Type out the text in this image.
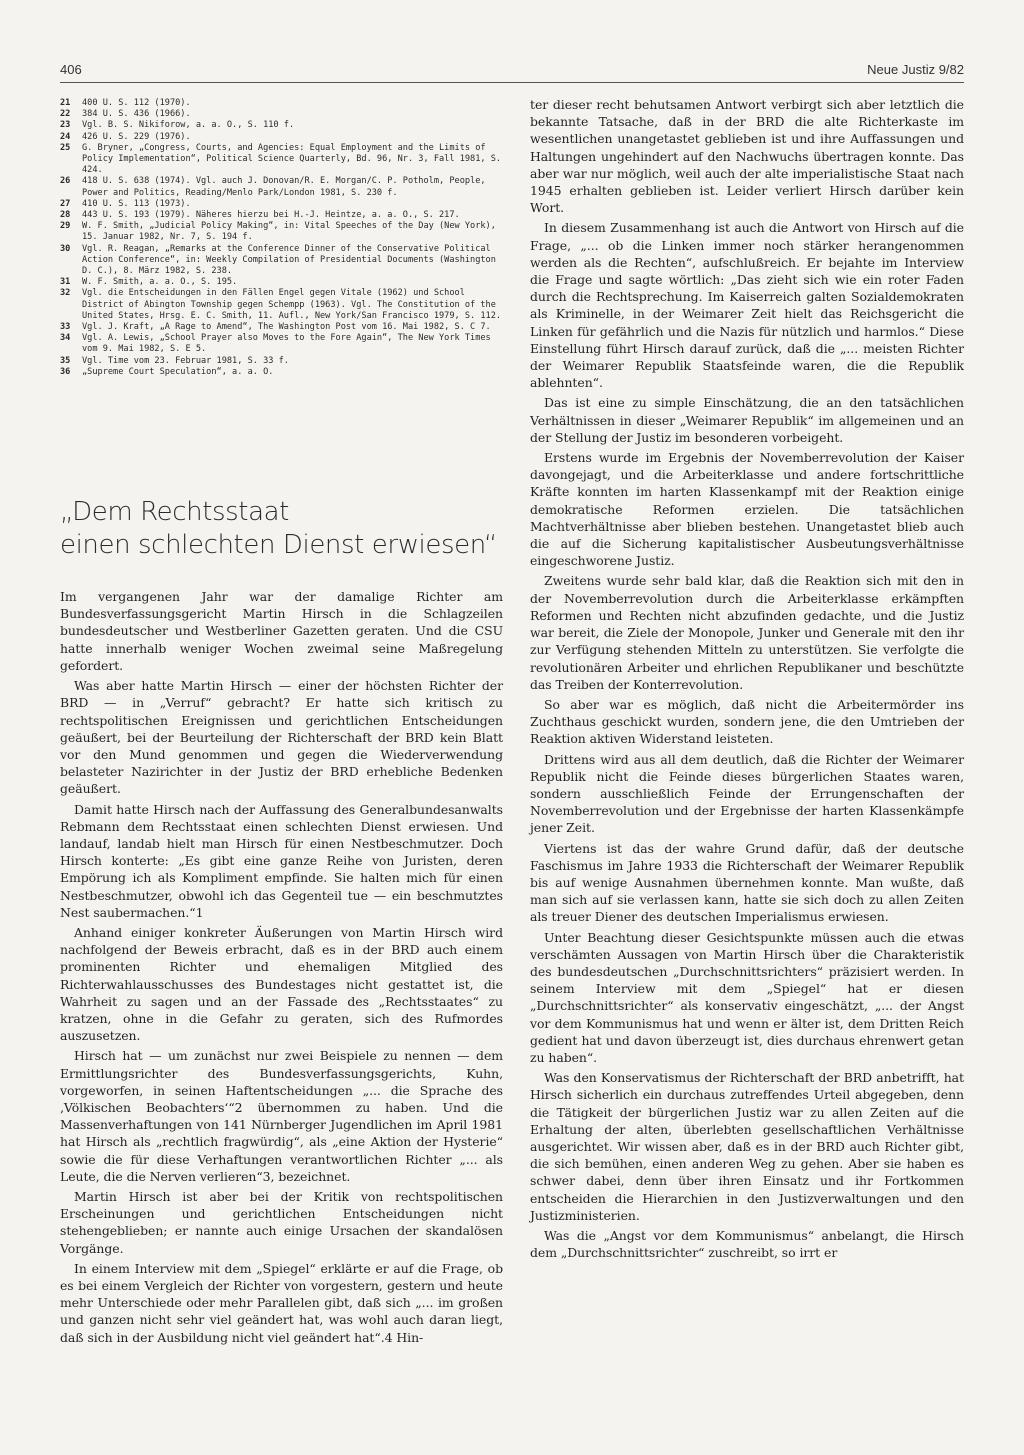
406	Neue Justiz 9/82
21	400 U. S. 112 (1970).
22	384 U. S. 436 (1966).
23	Vgl. B. S. Nikiforow, a. a. O., S. 110 f.
24	426 U. S. 229 (1976).
25	G. Bryner, „Congress, Courts, and Agencies: Equal Employment and the Limits of Policy Implementation“, Political Science Quarterly, Bd. 96, Nr. 3, Fall 1981, S. 424.
26	418 U. S. 638 (1974). Vgl. auch J. Donovan/R. E. Morgan/C. P. Potholm, People, Power and Politics, Reading/Menlo Park/London 1981, S. 230 f.
27	410 U. S. 113 (1973).
28	443 U. S. 193 (1979). Näheres hierzu bei H.-J. Heintze, a. a. O., S. 217.
29	W. F. Smith, „Judicial Policy Making“, in: Vital Speeches of the Day (New York), 15. Januar 1982, Nr. 7, S. 194 f.
30	Vgl. R. Reagan, „Remarks at the Conference Dinner of the Conservative Political Action Conference“, in: Weekly Compilation of Presidential Documents (Washington D. C.), 8. März 1982, S. 238.
31	W. F. Smith, a. a. O., S. 195.
32	Vgl. die Entscheidungen in den Fällen Engel gegen Vitale (1962) und School District of Abington Township gegen Schempp (1963). Vgl. The Constitution of the United States, Hrsg. E. C. Smith, 11. Aufl., New York/San Francisco 1979, S. 112.
33	Vgl. J. Kraft, „A Rage to Amend“, The Washington Post vom 16. Mai 1982, S. C 7.
34	Vgl. A. Lewis, „School Prayer also Moves to the Fore Again“, The New York Times vom 9. Mai 1982, S. E 5.
35	Vgl. Time vom 23. Februar 1981, S. 33 f.
36	„Supreme Court Speculation“, a. a. O.
„Dem Rechtsstaat
einen schlechten Dienst erwiesen“

Im vergangenen Jahr war der damalige Richter am Bundesverfassungsgericht Martin Hirsch in die Schlagzeilen bundesdeutscher und Westberliner Gazetten geraten. Und die CSU hatte innerhalb weniger Wochen zweimal seine Maßregelung gefordert.

Was aber hatte Martin Hirsch — einer der höchsten Richter der BRD — in „Verruf“ gebracht? Er hatte sich kritisch zu rechtspolitischen Ereignissen und gerichtlichen Entscheidungen geäußert, bei der Beurteilung der Richterschaft der BRD kein Blatt vor den Mund genommen und gegen die Wiederverwendung belasteter Nazirichter in der Justiz der BRD erhebliche Bedenken geäußert.

Damit hatte Hirsch nach der Auffassung des Generalbundesanwalts Rebmann dem Rechtsstaat einen schlechten Dienst erwiesen. Und landauf, landab hielt man Hirsch für einen Nestbeschmutzer. Doch Hirsch konterte: „Es gibt eine ganze Reihe von Juristen, deren Empörung ich als Kompliment empfinde. Sie halten mich für einen Nestbeschmutzer, obwohl ich das Gegenteil tue — ein beschmutztes Nest saubermachen.“1

Anhand einiger konkreter Äußerungen von Martin Hirsch wird nachfolgend der Beweis erbracht, daß es in der BRD auch einem prominenten Richter und ehemaligen Mitglied des Richterwahlausschusses des Bundestages nicht gestattet ist, die Wahrheit zu sagen und an der Fassade des „Rechtsstaates“ zu kratzen, ohne in die Gefahr zu geraten, sich des Rufmordes auszusetzen.

Hirsch hat — um zunächst nur zwei Beispiele zu nennen — dem Ermittlungsrichter des Bundesverfassungsgerichts, Kuhn, vorgeworfen, in seinen Haftentscheidungen „... die Sprache des ‚Völkischen Beobachters‘“2 übernommen zu haben. Und die Massenverhaftungen von 141 Nürnberger Jugendlichen im April 1981 hat Hirsch als „rechtlich fragwürdig“, als „eine Aktion der Hysterie“ sowie die für diese Verhaftungen verantwortlichen Richter „... als Leute, die die Nerven verlieren“3, bezeichnet.

Martin Hirsch ist aber bei der Kritik von rechtspolitischen Erscheinungen und gerichtlichen Entscheidungen nicht stehengeblieben; er nannte auch einige Ursachen der skandalösen Vorgänge.

In einem Interview mit dem „Spiegel“ erklärte er auf die Frage, ob es bei einem Vergleich der Richter von vorgestern, gestern und heute mehr Unterschiede oder mehr Parallelen gibt, daß sich „... im großen und ganzen nicht sehr viel geändert hat, was wohl auch daran liegt, daß sich in der Ausbildung nicht viel geändert hat“.4 Hin-

ter dieser recht behutsamen Antwort verbirgt sich aber letztlich die bekannte Tatsache, daß in der BRD die alte Richterkaste im wesentlichen unangetastet geblieben ist und ihre Auffassungen und Haltungen ungehindert auf den Nachwuchs übertragen konnte. Das aber war nur möglich, weil auch der alte imperialistische Staat nach 1945 erhalten geblieben ist. Leider verliert Hirsch darüber kein Wort.

In diesem Zusammenhang ist auch die Antwort von Hirsch auf die Frage, „... ob die Linken immer noch stärker herangenommen werden als die Rechten“, aufschlußreich. Er bejahte im Interview die Frage und sagte wörtlich: „Das zieht sich wie ein roter Faden durch die Rechtsprechung. Im Kaiserreich galten Sozialdemokraten als Kriminelle, in der Weimarer Zeit hielt das Reichsgericht die Linken für gefährlich und die Nazis für nützlich und harmlos.“ Diese Einstellung führt Hirsch darauf zurück, daß die „... meisten Richter der Weimarer Republik Staatsfeinde waren, die die Republik ablehnten“.

Das ist eine zu simple Einschätzung, die an den tatsächlichen Verhältnissen in dieser „Weimarer Republik“ im allgemeinen und an der Stellung der Justiz im besonderen vorbeigeht.

Erstens wurde im Ergebnis der Novemberrevolution der Kaiser davongejagt, und die Arbeiterklasse und andere fortschrittliche Kräfte konnten im harten Klassenkampf mit der Reaktion einige demokratische Reformen erzielen. Die tatsächlichen Machtverhältnisse aber blieben bestehen. Unangetastet blieb auch die auf die Sicherung kapitalistischer Ausbeutungsverhältnisse eingeschworene Justiz.

Zweitens wurde sehr bald klar, daß die Reaktion sich mit den in der Novemberrevolution durch die Arbeiterklasse erkämpften Reformen und Rechten nicht abzufinden gedachte, und die Justiz war bereit, die Ziele der Monopole, Junker und Generale mit den ihr zur Verfügung stehenden Mitteln zu unterstützen. Sie verfolgte die revolutionären Arbeiter und ehrlichen Republikaner und beschützte das Treiben der Konterrevolution.

So aber war es möglich, daß nicht die Arbeitermörder ins Zuchthaus geschickt wurden, sondern jene, die den Umtrieben der Reaktion aktiven Widerstand leisteten.

Drittens wird aus all dem deutlich, daß die Richter der Weimarer Republik nicht die Feinde dieses bürgerlichen Staates waren, sondern ausschließlich Feinde der Errungenschaften der Novemberrevolution und der Ergebnisse der harten Klassenkämpfe jener Zeit.

Viertens ist das der wahre Grund dafür, daß der deutsche Faschismus im Jahre 1933 die Richterschaft der Weimarer Republik bis auf wenige Ausnahmen übernehmen konnte. Man wußte, daß man sich auf sie verlassen kann, hatte sie sich doch zu allen Zeiten als treuer Diener des deutschen Imperialismus erwiesen.

Unter Beachtung dieser Gesichtspunkte müssen auch die etwas verschämten Aussagen von Martin Hirsch über die Charakteristik des bundesdeutschen „Durchschnittsrichters“ präzisiert werden. In seinem Interview mit dem „Spiegel“ hat er diesen „Durchschnittsrichter“ als konservativ eingeschätzt, „... der Angst vor dem Kommunismus hat und wenn er älter ist, dem Dritten Reich gedient hat und davon überzeugt ist, dies durchaus ehrenwert getan zu haben“.

Was den Konservatismus der Richterschaft der BRD anbetrifft, hat Hirsch sicherlich ein durchaus zutreffendes Urteil abgegeben, denn die Tätigkeit der bürgerlichen Justiz war zu allen Zeiten auf die Erhaltung der alten, überlebten gesellschaftlichen Verhältnisse ausgerichtet. Wir wissen aber, daß es in der BRD auch Richter gibt, die sich bemühen, einen anderen Weg zu gehen. Aber sie haben es schwer dabei, denn über ihren Einsatz und ihr Fortkommen entscheiden die Hierarchien in den Justizverwaltungen und den Justizministerien.

Was die „Angst vor dem Kommunismus“ anbelangt, die Hirsch dem „Durchschnittsrichter“ zuschreibt, so irrt er
